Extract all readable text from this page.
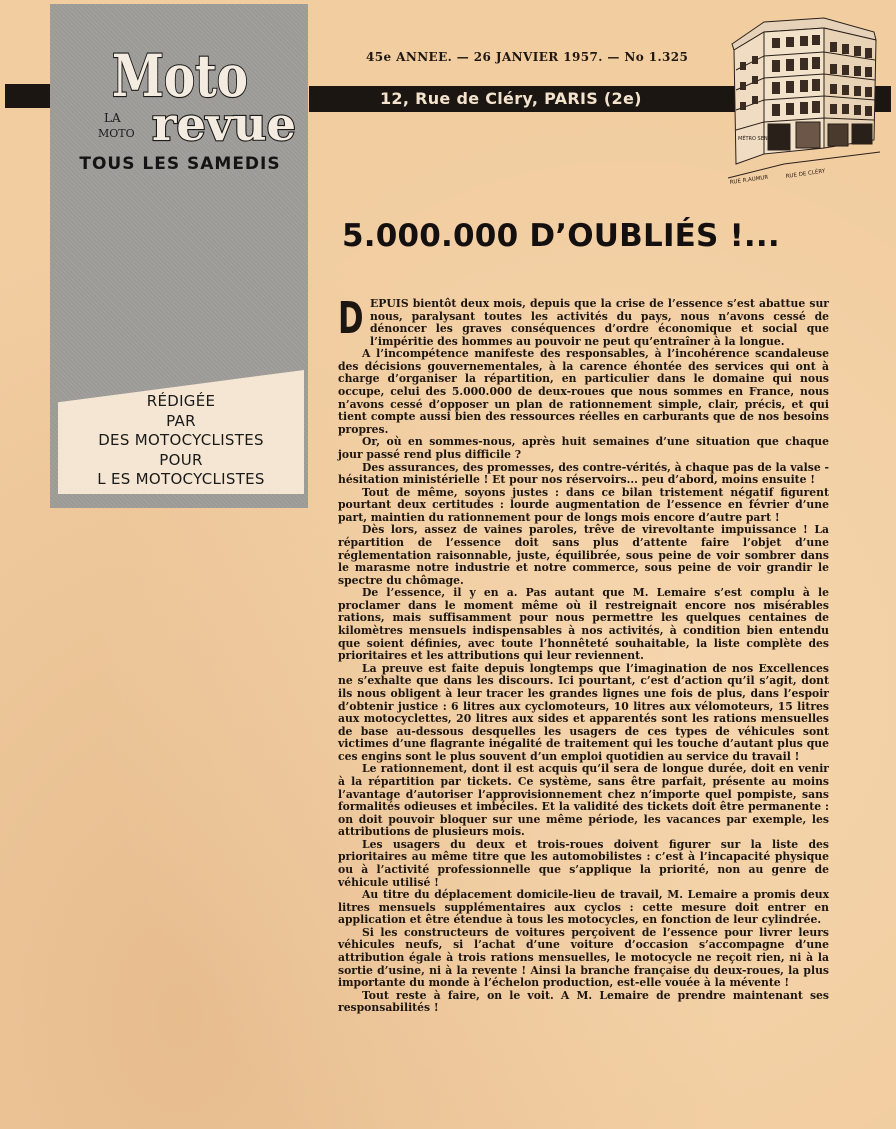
12, Rue de Cléry, PARIS (2e)
Moto
LA
MOTO revue
TOUS LES SAMEDIS
RÉDIGÉE
PAR
DES MOTOCYCLISTES
POUR
L ES MOTOCYCLISTES
45e ANNEE. — 26 JANVIER 1957. — No 1.325
MÉTRO SENTIER
RUE R.AUMUR
RUE DE CLÉRY
5.000.000 D’OUBLIÉS !...

DEPUIS bientôt deux mois, depuis que la crise de l’essence s’est abattue sur nous, paralysant toutes les activités du pays, nous n’avons cessé de dénoncer les graves conséquences d’ordre économique et social que l’impéritie des hommes au pouvoir ne peut qu’entraîner à la longue.

A l’incompétence manifeste des responsables, à l’incohérence scandaleuse des décisions gouvernementales, à la carence éhontée des services qui ont à charge d’organiser la répartition, en particulier dans le domaine qui nous occupe, celui des 5.000.000 de deux-roues que nous sommes en France, nous n’avons cessé d’opposer un plan de rationnement simple, clair, précis, et qui tient compte aussi bien des ressources réelles en carburants que de nos besoins propres.

Or, où en sommes-nous, après huit semaines d’une situation que chaque jour passé rend plus difficile ?

Des assurances, des promesses, des contre-vérités, à chaque pas de la valse - hésitation ministérielle ! Et pour nos réservoirs... peu d’abord, moins ensuite !

Tout de même, soyons justes : dans ce bilan tristement négatif figurent pourtant deux certitudes : lourde augmentation de l’essence en février d’une part, maintien du rationnement pour de longs mois encore d’autre part !

Dès lors, assez de vaines paroles, trêve de virevoltante impuissance ! La répartition de l’essence doit sans plus d’attente faire l’objet d’une réglementation raisonnable, juste, équilibrée, sous peine de voir sombrer dans le marasme notre industrie et notre commerce, sous peine de voir grandir le spectre du chômage.

De l’essence, il y en a. Pas autant que M. Lemaire s’est complu à le proclamer dans le moment même où il restreignait encore nos misérables rations, mais suffisamment pour nous permettre les quelques centaines de kilomètres mensuels indispensables à nos activités, à condition bien entendu que soient définies, avec toute l’honnêteté souhaitable, la liste complète des prioritaires et les attributions qui leur reviennent.

La preuve est faite depuis longtemps que l’imagination de nos Excellences ne s’exhalte que dans les discours. Ici pourtant, c’est d’action qu’il s’agit, dont ils nous obligent à leur tracer les grandes lignes une fois de plus, dans l’espoir d’obtenir justice : 6 litres aux cyclomoteurs, 10 litres aux vélomoteurs, 15 litres aux motocyclettes, 20 litres aux sides et apparentés sont les rations mensuelles de base au-dessous desquelles les usagers de ces types de véhicules sont victimes d’une flagrante inégalité de traitement qui les touche d’autant plus que ces engins sont le plus souvent d’un emploi quotidien au service du travail !

Le rationnement, dont il est acquis qu’il sera de longue durée, doit en venir à la répartition par tickets. Ce système, sans être parfait, présente au moins l’avantage d’autoriser l’approvisionnement chez n’importe quel pompiste, sans formalités odieuses et imbéciles. Et la validité des tickets doit être permanente : on doit pouvoir bloquer sur une même période, les vacances par exemple, les attributions de plusieurs mois.

Les usagers du deux et trois-roues doivent figurer sur la liste des prioritaires au même titre que les automobilistes : c’est à l’incapacité physique ou à l’activité professionnelle que s’applique la priorité, non au genre de véhicule utilisé !

Au titre du déplacement domicile-lieu de travail, M. Lemaire a promis deux litres mensuels supplémentaires aux cyclos : cette mesure doit entrer en application et être étendue à tous les motocycles, en fonction de leur cylindrée.

Si les constructeurs de voitures perçoivent de l’essence pour livrer leurs véhicules neufs, si l’achat d’une voiture d’occasion s’accompagne d’une attribution égale à trois rations mensuelles, le motocycle ne reçoit rien, ni à la sortie d’usine, ni à la revente ! Ainsi la branche française du deux-roues, la plus importante du monde à l’échelon production, est-elle vouée à la mévente !

Tout reste à faire, on le voit. A M. Lemaire de prendre maintenant ses responsabilités !
